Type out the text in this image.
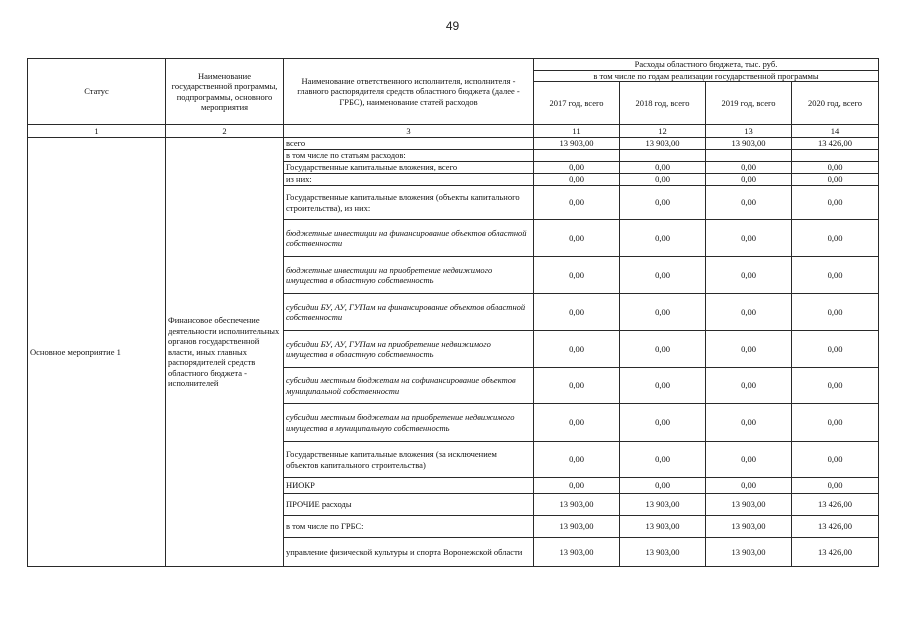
49
Статус	Наименование государственной программы, подпрограммы, основного мероприятия	Наименование ответственного исполнителя, исполнителя - главного распорядителя средств областного бюджета (далее - ГРБС), наименование статей расходов	Расходы областного бюджета, тыс. руб.			
			в том числе по годам реализации государственной программы			
			2017 год, всего	2018 год, всего	2019 год, всего	2020 год, всего
1	2	3	11	12	13	14
Основное мероприятие 1	Финансовое обеспечение деятельности исполнительных органов государственной власти, иных главных распорядителей средств областного бюджета - исполнителей	всего	13 903,00	13 903,00	13 903,00	13 426,00
		в том числе по статьям расходов:				
		Государственные капитальные вложения, всего	0,00	0,00	0,00	0,00
		из них:	0,00	0,00	0,00	0,00
		Государственные капитальные вложения (объекты капитального строительства), из них:	0,00	0,00	0,00	0,00
		бюджетные инвестиции на финансирование объектов областной собственности	0,00	0,00	0,00	0,00
		бюджетные инвестиции на приобретение недвижимого имущества в областную собственность	0,00	0,00	0,00	0,00
		субсидии БУ, АУ, ГУПам на финансирование объектов областной собственности	0,00	0,00	0,00	0,00
		субсидии БУ, АУ, ГУПам на приобретение недвижимого имущества в областную собственность	0,00	0,00	0,00	0,00
		субсидии местным бюджетам на софинансирование объектов муниципальной собственности	0,00	0,00	0,00	0,00
		субсидии местным бюджетам на приобретение недвижимого имущества в муниципальную собственность	0,00	0,00	0,00	0,00
		Государственные капитальные вложения (за исключением объектов капитального строительства)	0,00	0,00	0,00	0,00
		НИОКР	0,00	0,00	0,00	0,00
		ПРОЧИЕ расходы	13 903,00	13 903,00	13 903,00	13 426,00
		в том числе по ГРБС:	13 903,00	13 903,00	13 903,00	13 426,00
		управление физической культуры и спорта Воронежской области	13 903,00	13 903,00	13 903,00	13 426,00
